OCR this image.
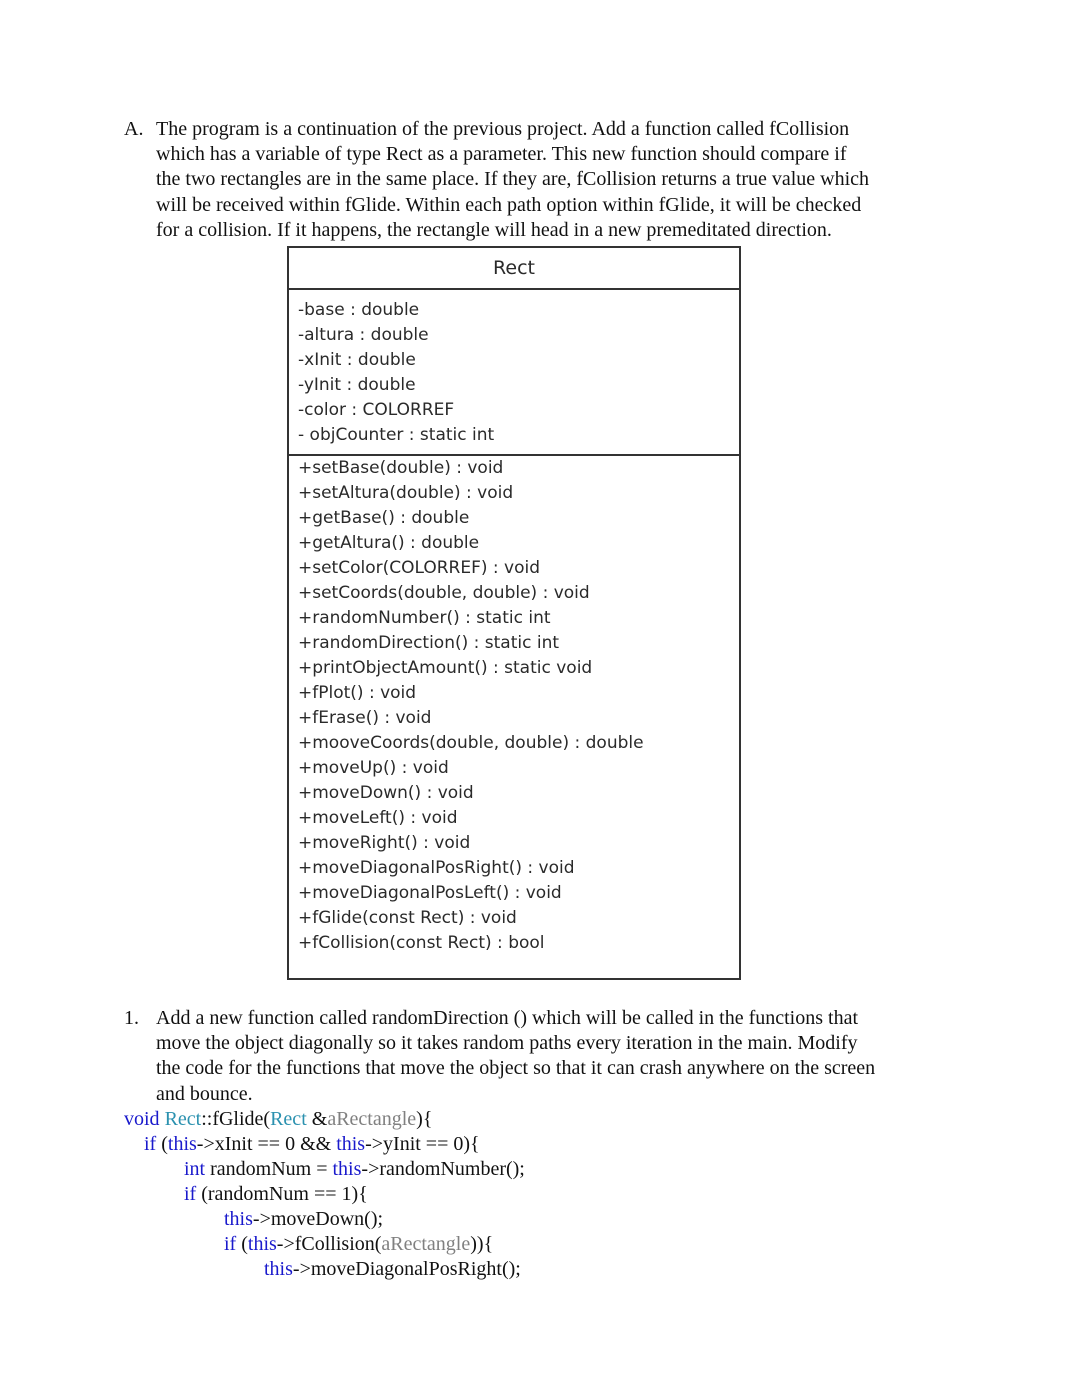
A. The program is a continuation of the previous project. Add a function called fCollision
which has a variable of type Rect as a parameter. This new function should compare if
the two rectangles are in the same place. If they are, fCollision returns a true value which
will be received within fGlide. Within each path option within fGlide, it will be checked
for a collision. If it happens, the rectangle will head in a new premeditated direction.
Rect
-base : double
-altura : double
-xInit : double
-yInit : double
-color : COLORREF
- objCounter : static int
+setBase(double) : void
+setAltura(double) : void
+getBase() : double
+getAltura() : double
+setColor(COLORREF) : void
+setCoords(double, double) : void
+randomNumber() : static int
+randomDirection() : static int
+printObjectAmount() : static void
+fPlot() : void
+fErase() : void
+mooveCoords(double, double) : double
+moveUp() : void
+moveDown() : void
+moveLeft() : void
+moveRight() : void
+moveDiagonalPosRight() : void
+moveDiagonalPosLeft() : void
+fGlide(const Rect) : void
+fCollision(const Rect) : bool
1. Add a new function called randomDirection () which will be called in the functions that
move the object diagonally so it takes random paths every iteration in the main. Modify
the code for the functions that move the object so that it can crash anywhere on the screen
and bounce.
void Rect::fGlide(Rect &aRectangle){
if (this->xInit == 0 && this->yInit == 0){
int randomNum = this->randomNumber();
if (randomNum == 1){
this->moveDown();
if (this->fCollision(aRectangle)){
this->moveDiagonalPosRight();
